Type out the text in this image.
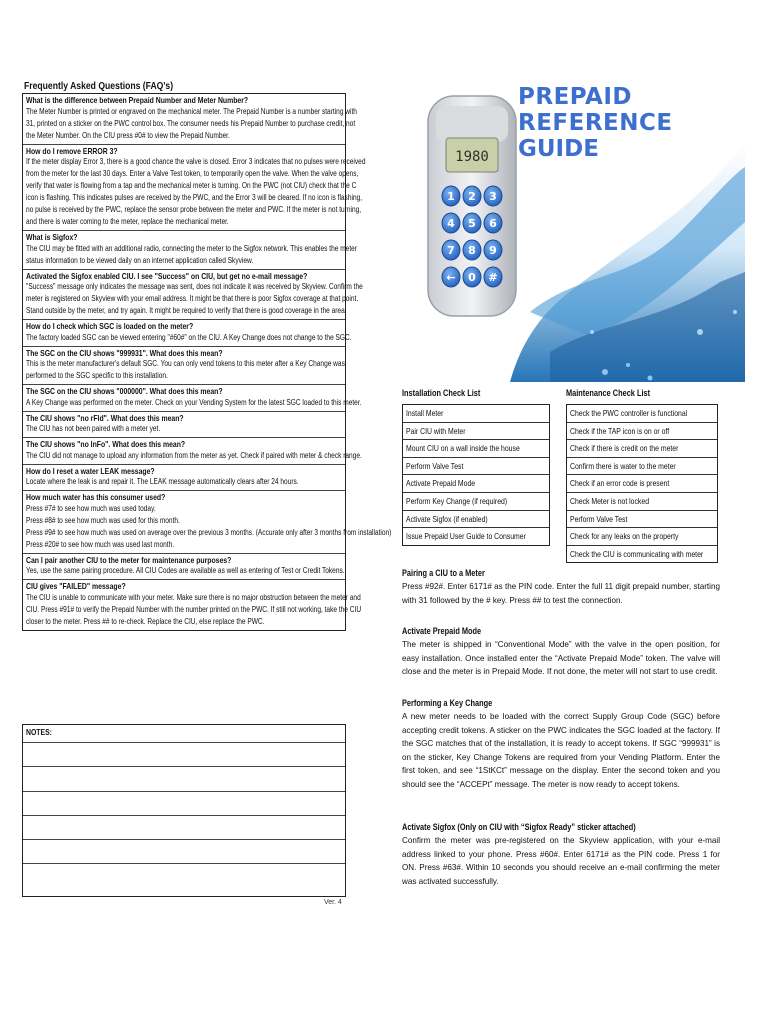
Frequently Asked Questions (FAQ's)
What is the difference between Prepaid Number and Meter Number?
The Meter Number is printed or engraved on the mechanical meter. The Prepaid Number is a number starting with
31, printed on a sticker on the PWC control box. The consumer needs his Prepaid Number to purchase credit, not
the Meter Number. On the CIU press #0# to view the Prepaid Number.
How do I remove ERROR 3?
If the meter display Error 3, there is a good chance the valve is closed. Error 3 indicates that no pulses were received
from the meter for the last 30 days. Enter a Valve Test token, to temporarily open the valve. When the valve opens,
verify that water is flowing from a tap and the mechanical meter is turning. On the PWC (not CIU) check that the C
icon is flashing. This indicates pulses are received by the PWC, and the Error 3 will be cleared. If no icon is flashing,
no pulse is received by the PWC, replace the sensor probe between the meter and PWC. If the meter is not turning,
and there is water coming to the meter, replace the mechanical meter.
What is Sigfox?
The CIU may be fitted with an additional radio, connecting the meter to the Sigfox network. This enables the meter
status information to be viewed daily on an internet application called Skyview.
Activated the Sigfox enabled CIU. I see "Success" on CIU, but get no e-mail message?
"Success" message only indicates the message was sent, does not indicate it was received by Skyview. Confirm the
meter is registered on Skyview with your email address. It might be that there is poor Sigfox coverage at that point.
Stand outside by the meter, and try again. It might be required to verify that there is good coverage in the area.
How do I check which SGC is loaded on the meter?
The factory loaded SGC can be viewed entering "#60#" on the CIU. A Key Change does not change to the SGC.
The SGC on the CIU shows "999931". What does this mean?
This is the meter manufacturer's default SGC. You can only vend tokens to this meter after a Key Change was
performed to the SGC specific to this installation.
The SGC on the CIU shows "000000". What does this mean?
A Key Change was performed on the meter. Check on your Vending System for the latest SGC loaded to this meter.
The CIU shows "no rFld". What does this mean?
The CIU has not been paired with a meter yet.
The CIU shows "no InFo". What does this mean?
The CIU did not manage to upload any information from the meter as yet. Check if paired with meter & check range.
How do I reset a water LEAK message?
Locate where the leak is and repair it. The LEAK message automatically clears after 24 hours.
How much water has this consumer used?
Press #7# to see how much was used today.
Press #8# to see how much was used for this month.
Press #9# to see how much was used on average over the previous 3 months. (Accurate only after 3 months from installation)
Press #20# to see how much was used last month.
Can I pair another CIU to the meter for maintenance purposes?
Yes, use the same pairing procedure. All CIU Codes are available as well as entering of Test or Credit Tokens.
CIU gives "FAILED" message?
The CIU is unable to communicate with your meter. Make sure there is no major obstruction between the meter and
CIU. Press #91# to verify the Prepaid Number with the number printed on the PWC. If still not working, take the CIU
closer to the meter. Press ## to re-check. Replace the CIU, else replace the PWC.
NOTES:
Ver. 4
1980
1 2 3
4 5 6
7 8 9
← 0 #
PREPAID REFERENCE
GUIDE
Installation Check List
Install Meter
Pair CIU with Meter
Mount CIU on a wall inside the house
Perform Valve Test
Activate Prepaid Mode
Perform Key Change (if required)
Activate Sigfox (if enabled)
Issue Prepaid User Guide to Consumer
Maintenance Check List
Check the PWC controller is functional
Check if the TAP icon is on or off
Check if there is credit on the meter
Confirm there is water to the meter
Check if an error code is present
Check Meter is not locked
Perform Valve Test
Check for any leaks on the property
Check the CIU is communicating with meter
Pairing a CIU to a Meter
Press #92#. Enter 6171# as the PIN code. Enter the full 11 digit prepaid number, starting with 31 followed by the # key. Press ## to test the connection.
Activate Prepaid Mode
The meter is shipped in “Conventional Mode” with the valve in the open position, for easy installation. Once installed enter the “Activate Prepaid Mode” token. The valve will close and the meter is in Prepaid Mode. If not done, the meter will not start to use credit.
Performing a Key Change
A new meter needs to be loaded with the correct Supply Group Code (SGC) before accepting credit tokens. A sticker on the PWC indicates the SGC loaded at the factory. If the SGC matches that of the installation, it is ready to accept tokens. If SGC “999931” is on the sticker, Key Change Tokens are required from your Vending Platform. Enter the first token, and see “1StKCt” message on the display. Enter the second token and you should see the “ACCEPt” message. The meter is now ready to accept tokens.
Activate Sigfox (Only on CIU with “Sigfox Ready” sticker attached)
Confirm the meter was pre-registered on the Skyview application, with your e-mail address linked to your phone. Press #60#. Enter 6171# as the PIN code. Press 1 for ON. Press #63#. Within 10 seconds you should receive an e-mail confirming the meter was activated successfully.
